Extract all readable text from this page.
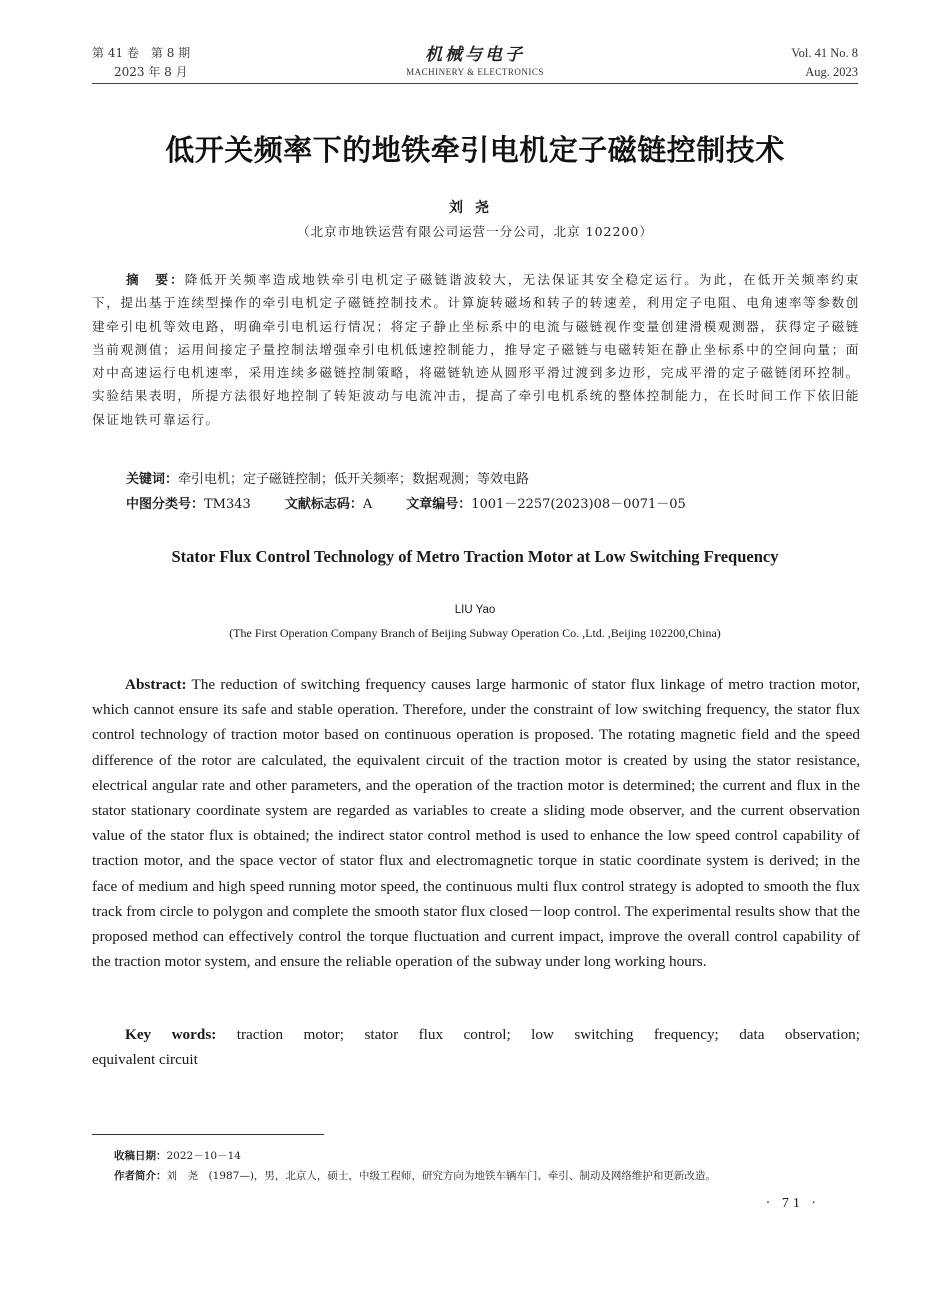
第 41 卷　第 8 期
2023 年 8 月
机械与电子
MACHINERY & ELECTRONICS
Vol. 41 No. 8
Aug. 2023
低开关频率下的地铁牵引电机定子磁链控制技术
刘尧
（北京市地铁运营有限公司运营一分公司，北京 102200）
摘　要：降低开关频率造成地铁牵引电机定子磁链谐波较大，无法保证其安全稳定运行。为此，在低开关频率约束下，提出基于连续型操作的牵引电机定子磁链控制技术。计算旋转磁场和转子的转速差，利用定子电阻、电角速率等参数创建牵引电机等效电路，明确牵引电机运行情况；将定子静止坐标系中的电流与磁链视作变量创建滑模观测器，获得定子磁链当前观测值；运用间接定子量控制法增强牵引电机低速控制能力，推导定子磁链与电磁转矩在静止坐标系中的空间向量；面对中高速运行电机速率，采用连续多磁链控制策略，将磁链轨迹从圆形平滑过渡到多边形，完成平滑的定子磁链闭环控制。实验结果表明，所提方法很好地控制了转矩波动与电流冲击，提高了牵引电机系统的整体控制能力，在长时间工作下依旧能保证地铁可靠运行。
关键词：牵引电机；定子磁链控制；低开关频率；数据观测；等效电路
中图分类号：TM343	文献标志码：A	文章编号：1001－2257(2023)08－0071－05
Stator Flux Control Technology of Metro Traction Motor at Low Switching Frequency
LIU Yao
(The First Operation Company Branch of Beijing Subway Operation Co. ,Ltd. ,Beijing 102200,China)
Abstract: The reduction of switching frequency causes large harmonic of stator flux linkage of metro traction motor, which cannot ensure its safe and stable operation. Therefore, under the constraint of low switching frequency, the stator flux control technology of traction motor based on continuous operation is proposed. The rotating magnetic field and the speed difference of the rotor are calculated, the equivalent circuit of the traction motor is created by using the stator resistance, electrical angular rate and other parameters, and the operation of the traction motor is determined; the current and flux in the stator stationary coordinate system are regarded as variables to create a sliding mode observer, and the current observation value of the stator flux is obtained; the indirect stator control method is used to enhance the low speed control capability of traction motor, and the space vector of stator flux and electromagnetic torque in static coordinate system is derived; in the face of medium and high speed running motor speed, the continuous multi flux control strategy is adopted to smooth the flux track from circle to polygon and complete the smooth stator flux closed－loop control. The experimental results show that the proposed method can effectively control the torque fluctuation and current impact, improve the overall control capability of the traction motor system, and ensure the reliable operation of the subway under long working hours.
Key words: traction motor; stator flux control; low switching frequency; data observation;
equivalent circuit
收稿日期：2022－10－14
作者简介：刘　尧　(1987—)，男，北京人，硕士，中级工程师，研究方向为地铁车辆车门、牵引、制动及网络维护和更新改造。
· 71 ·
